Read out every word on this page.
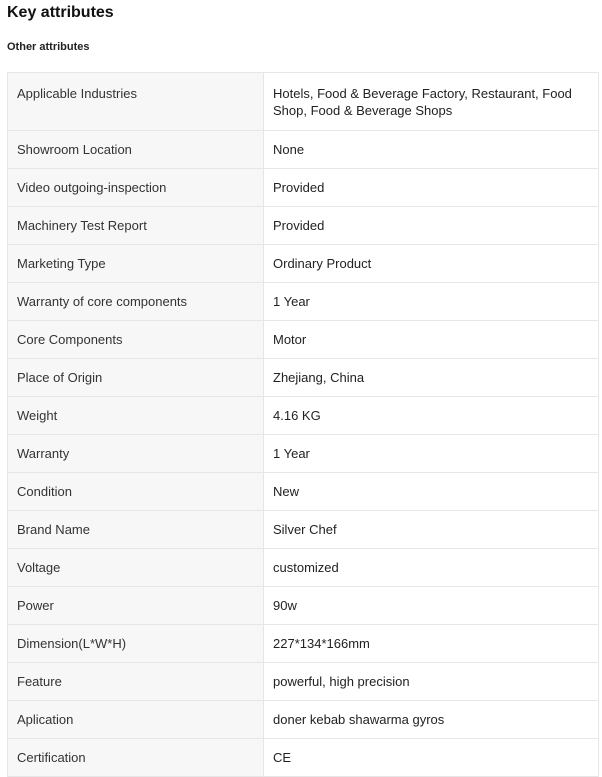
Key attributes
Other attributes
Applicable Industries	Hotels, Food & Beverage Factory, Restaurant, Food Shop, Food & Beverage Shops
Showroom Location	None
Video outgoing-inspection	Provided
Machinery Test Report	Provided
Marketing Type	Ordinary Product
Warranty of core components	1 Year
Core Components	Motor
Place of Origin	Zhejiang, China
Weight	4.16 KG
Warranty	1 Year
Condition	New
Brand Name	Silver Chef
Voltage	customized
Power	90w
Dimension(L*W*H)	227*134*166mm
Feature	powerful, high precision
Aplication	doner kebab shawarma gyros
Certification	CE
